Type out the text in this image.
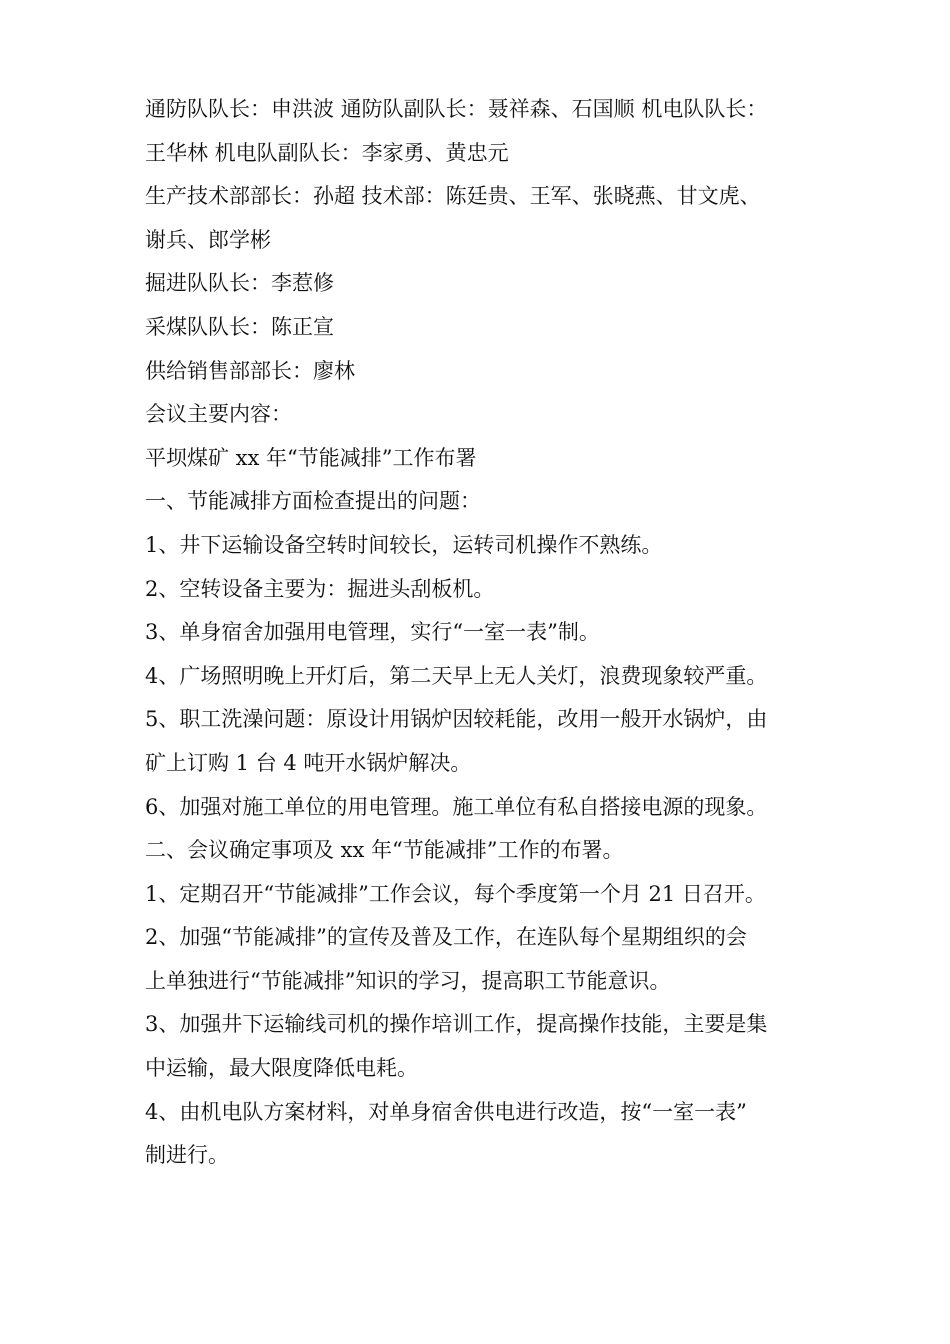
通防队队长：申洪波 通防队副队长：聂祥森、石国顺 机电队队长：

王华林 机电队副队长：李家勇、黄忠元

生产技术部部长：孙超 技术部：陈廷贵、王军、张晓燕、甘文虎、

谢兵、郎学彬

掘进队队长：李惹修

采煤队队长：陈正宣

供给销售部部长：廖林

会议主要内容：

平坝煤矿 xx 年“节能减排”工作布署

一、节能减排方面检查提出的问题：

1、井下运输设备空转时间较长，运转司机操作不熟练。

2、空转设备主要为：掘进头刮板机。

3、单身宿舍加强用电管理，实行“一室一表”制。

4、广场照明晚上开灯后，第二天早上无人关灯，浪费现象较严重。

5、职工洗澡问题：原设计用锅炉因较耗能，改用一般开水锅炉，由

矿上订购 1 台 4 吨开水锅炉解决。

6、加强对施工单位的用电管理。施工单位有私自搭接电源的现象。

二、会议确定事项及 xx 年“节能减排”工作的布署。

1、定期召开“节能减排”工作会议，每个季度第一个月 21 日召开。

2、加强“节能减排”的宣传及普及工作，在连队每个星期组织的会

上单独进行“节能减排”知识的学习，提高职工节能意识。

3、加强井下运输线司机的操作培训工作，提高操作技能，主要是集

中运输，最大限度降低电耗。

4、由机电队方案材料，对单身宿舍供电进行改造，按“一室一表”

制进行。
